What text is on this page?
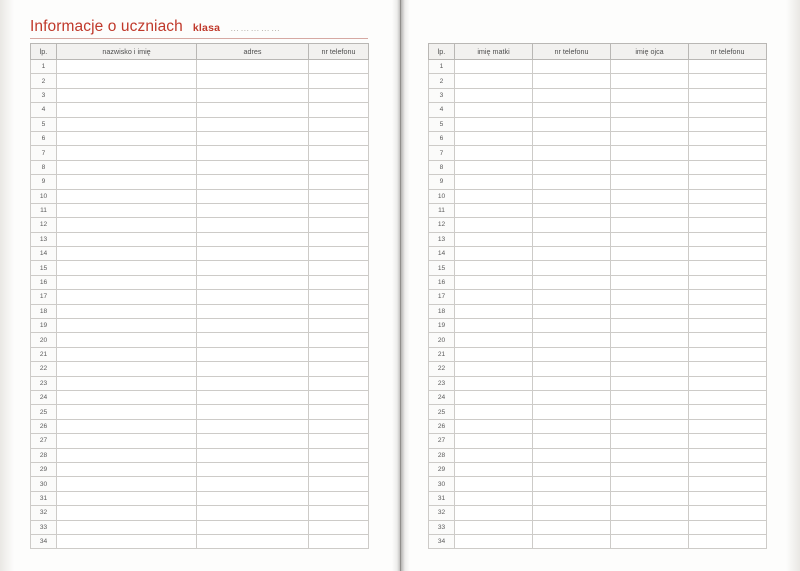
Informacje o uczniach klasa ……………
lp.	nazwisko i imię	adres	nr telefonu
1			
2			
3			
4			
5			
6			
7			
8			
9			
10			
11			
12			
13			
14			
15			
16			
17			
18			
19			
20			
21			
22			
23			
24			
25			
26			
27			
28			
29			
30			
31			
32			
33			
34			
lp.	imię matki	nr telefonu	imię ojca	nr telefonu
1				
2				
3				
4				
5				
6				
7				
8				
9				
10				
11				
12				
13				
14				
15				
16				
17				
18				
19				
20				
21				
22				
23				
24				
25				
26				
27				
28				
29				
30				
31				
32				
33				
34				
